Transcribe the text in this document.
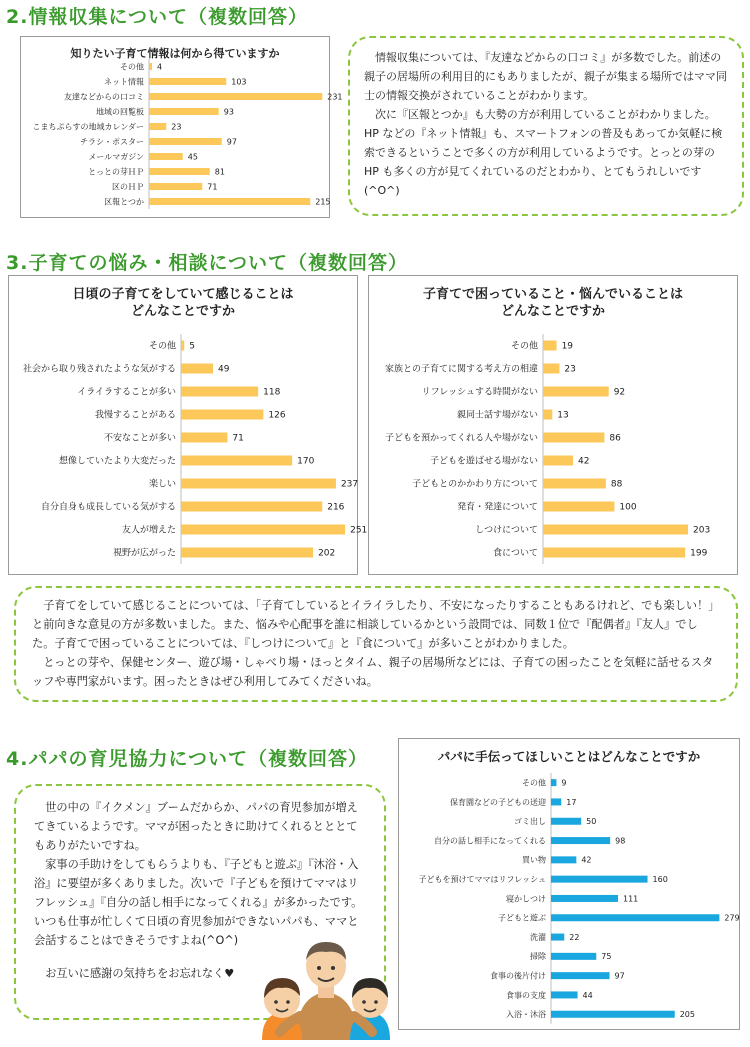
2.情報収集について（複数回答）
知りたい子育て情報は何から得ていますか
その他 4
ネット情報	103
友達などからの口コミ	231
地域の回覧板	93
こまちぷらすの地域カレンダー	23
チラシ・ポスター	97
メールマガジン	45
とっとの芽ＨＰ	81
区のＨＰ	71
区報とつか	215

情報収集については、『友達などからの口コミ』が多数でした。前述の親子の居場所の利用目的にもありましたが、親子が集まる場所ではママ同士の情報交換がされていることがわかります。

次に『区報とつか』も大勢の方が利用していることがわかりました。HP などの『ネット情報』も、スマートフォンの普及もあってか気軽に検索できるということで多くの方が利用しているようです。とっとの芽の HP も多くの方が見てくれているのだとわかり、とてもうれしいです(^O^)

3.子育ての悩み・相談について（複数回答）
日頃の子育てをしていて感じることは
どんなことですか
その他 5
社会から取り残されたような気がする	49
イライラすることが多い	118
我慢することがある	126
不安なことが多い	71
想像していたより大変だった	170
楽しい	237
自分自身も成長している気がする	216
友人が増えた	251
視野が広がった	202
子育てで困っていること・悩んでいることは
どんなことですか
その他	19
家族との子育てに関する考え方の相違	23
リフレッシュする時間がない	92
親同士話す場がない 13
子どもを預かってくれる人や場がない	86
子どもを遊ばせる場がない	42
子どもとのかかわり方について	88
発育・発達について	100
しつけについて	203
食について	199

子育てをしていて感じることについては、「子育てしているとイライラしたり、不安になったりすることもあるけれど、でも楽しい！」と前向きな意見の方が多数いました。また、悩みや心配事を誰に相談しているかという設問では、同数１位で『配偶者』『友人』でした。子育てで困っていることについては、『しつけについて』と『食について』が多いことがわかりました。

とっとの芽や、保健センター、遊び場・しゃべり場・ほっとタイム、親子の居場所などには、子育ての困ったことを気軽に話せるスタッフや専門家がいます。困ったときはぜひ利用してみてくださいね。

4.パパの育児協力について（複数回答）

世の中の『イクメン』ブームだからか、パパの育児参加が増えてきているようです。ママが困ったときに助けてくれるとととてもありがたいですね。

家事の手助けをしてもらうよりも、『子どもと遊ぶ』『沐浴・入浴』に要望が多くありました。次いで『子どもを預けてママはリフレッシュ』『自分の話し相手になってくれる』が多かったです。いつも仕事が忙しくて日頃の育児参加ができないパパも、ママと会話することはできそうですよね(^O^)

お互いに感謝の気持ちをお忘れなく♥

パパに手伝ってほしいことはどんなことですか
その他 9
保育園などの子どもの送迎	17
ゴミ出し	50
自分の話し相手になってくれる	98
買い物	42
子どもを預けてママはリフレッシュ	160
寝かしつけ	111
子どもと遊ぶ	279
洗濯	22
掃除	75
食事の後片付け	97
食事の支度	44
入浴・沐浴	205
